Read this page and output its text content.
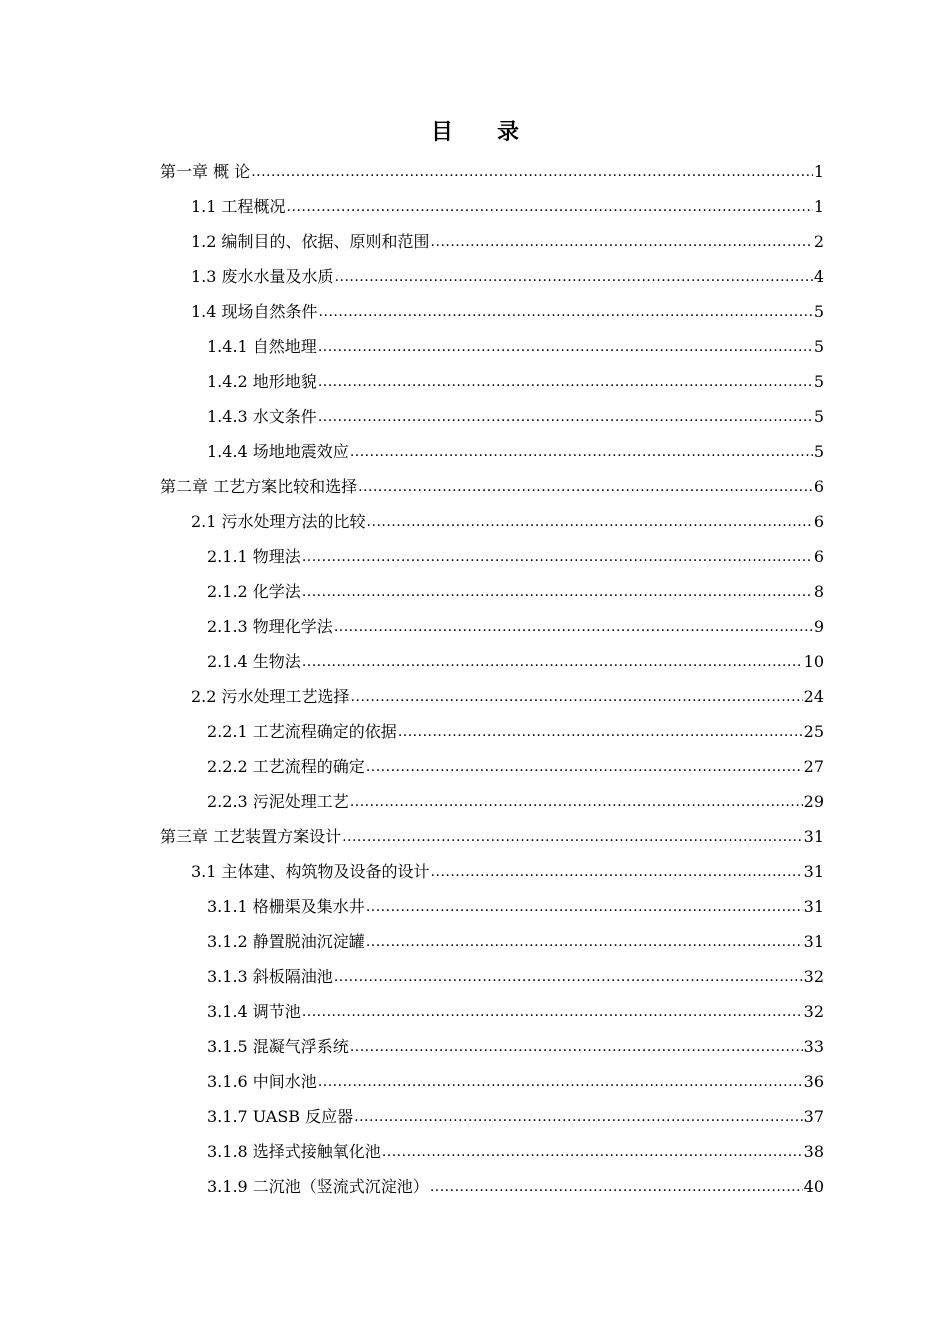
目　　录
第一章 概 论 .....	1
1.1 工程概况 .....	1
1.2 编制目的、依据、原则和范围 .....	2
1.3 废水水量及水质 .....	4
1.4 现场自然条件 .....	5
1.4.1 自然地理 .....	5
1.4.2 地形地貌 .....	5
1.4.3 水文条件 .....	5
1.4.4 场地地震效应 .....	5
第二章 工艺方案比较和选择 .....	6
2.1 污水处理方法的比较 .....	6
2.1.1 物理法 .....	6
2.1.2 化学法 .....	8
2.1.3 物理化学法 .....	9
2.1.4 生物法 .....	10
2.2 污水处理工艺选择 .....	24
2.2.1 工艺流程确定的依据 .....	25
2.2.2 工艺流程的确定 .....	27
2.2.3 污泥处理工艺 .....	29
第三章 工艺装置方案设计 .....	31
3.1 主体建、构筑物及设备的设计 .....	31
3.1.1 格栅渠及集水井 .....	31
3.1.2 静置脱油沉淀罐 .....	31
3.1.3 斜板隔油池 .....	32
3.1.4 调节池 .....	32
3.1.5 混凝气浮系统 .....	33
3.1.6 中间水池 .....	36
3.1.7 UASB 反应器 .....	37
3.1.8 选择式接触氧化池 .....	38
3.1.9 二沉池（竖流式沉淀池） .....	40
